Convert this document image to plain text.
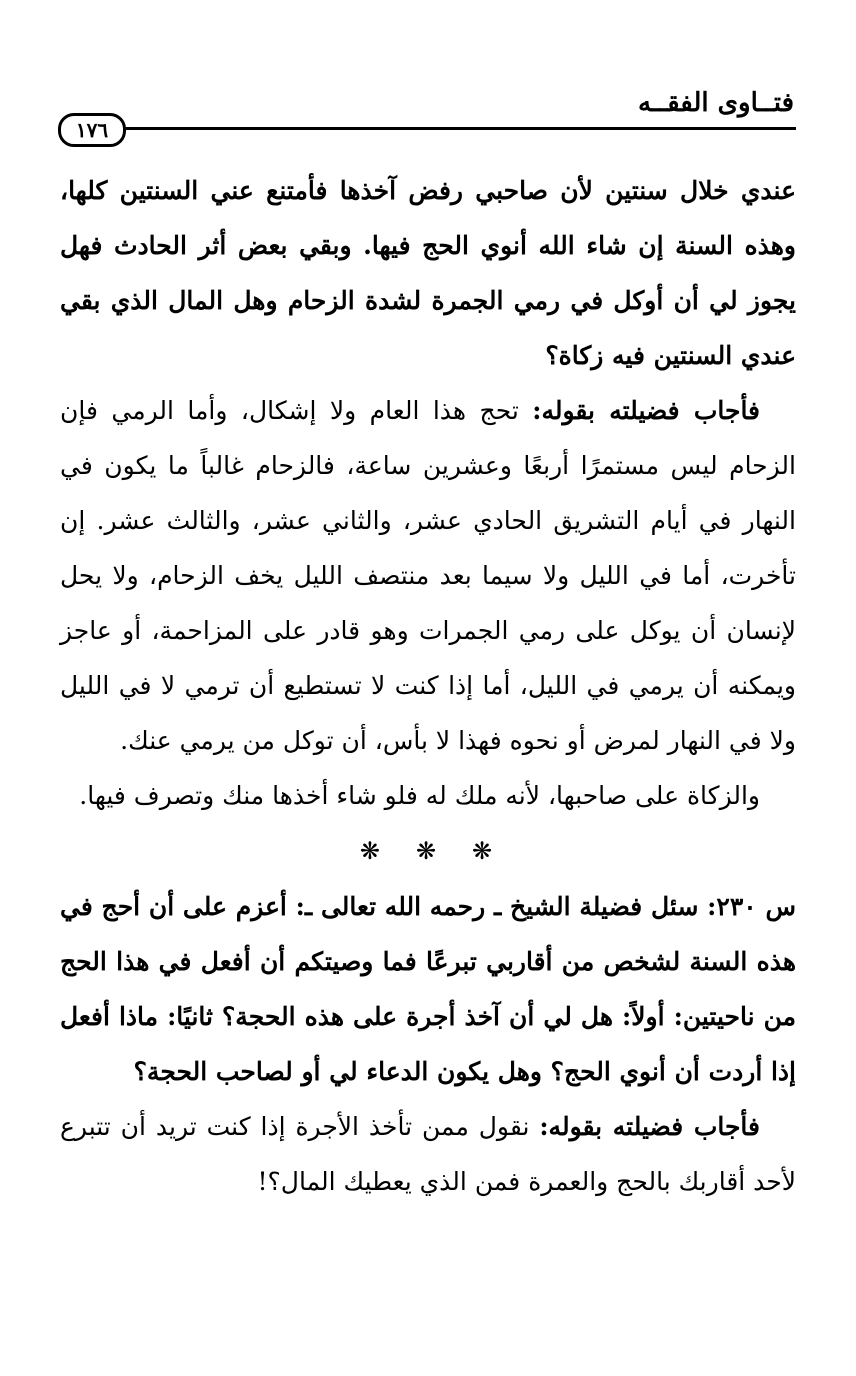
فتــاوى الفقــه
١٧٦

عندي خلال سنتين لأن صاحبي رفض آخذها فأمتنع عني السنتين كلها، وهذه السنة إن شاء الله أنوي الحج فيها. وبقي بعض أثر الحادث فهل يجوز لي أن أوكل في رمي الجمرة لشدة الزحام وهل المال الذي بقي عندي السنتين فيه زكاة؟

فأجاب فضيلته بقوله: تحج هذا العام ولا إشكال، وأما الرمي فإن الزحام ليس مستمرًا أربعًا وعشرين ساعة، فالزحام غالباً ما يكون في النهار في أيام التشريق الحادي عشر، والثاني عشر، والثالث عشر. إن تأخرت، أما في الليل ولا سيما بعد منتصف الليل يخف الزحام، ولا يحل لإنسان أن يوكل على رمي الجمرات وهو قادر على المزاحمة، أو عاجز ويمكنه أن يرمي في الليل، أما إذا كنت لا تستطيع أن ترمي لا في الليل ولا في النهار لمرض أو نحوه فهذا لا بأس، أن توكل من يرمي عنك.

والزكاة على صاحبها، لأنه ملك له فلو شاء أخذها منك وتصرف فيها.

❋ ❋ ❋

س ٢٣٠: سئل فضيلة الشيخ ـ رحمه الله تعالى ـ: أعزم على أن أحج في هذه السنة لشخص من أقاربي تبرعًا فما وصيتكم أن أفعل في هذا الحج من ناحيتين: أولاً: هل لي أن آخذ أجرة على هذه الحجة؟ ثانيًا: ماذا أفعل إذا أردت أن أنوي الحج؟ وهل يكون الدعاء لي أو لصاحب الحجة؟

فأجاب فضيلته بقوله: نقول ممن تأخذ الأجرة إذا كنت تريد أن تتبرع لأحد أقاربك بالحج والعمرة فمن الذي يعطيك المال؟!
